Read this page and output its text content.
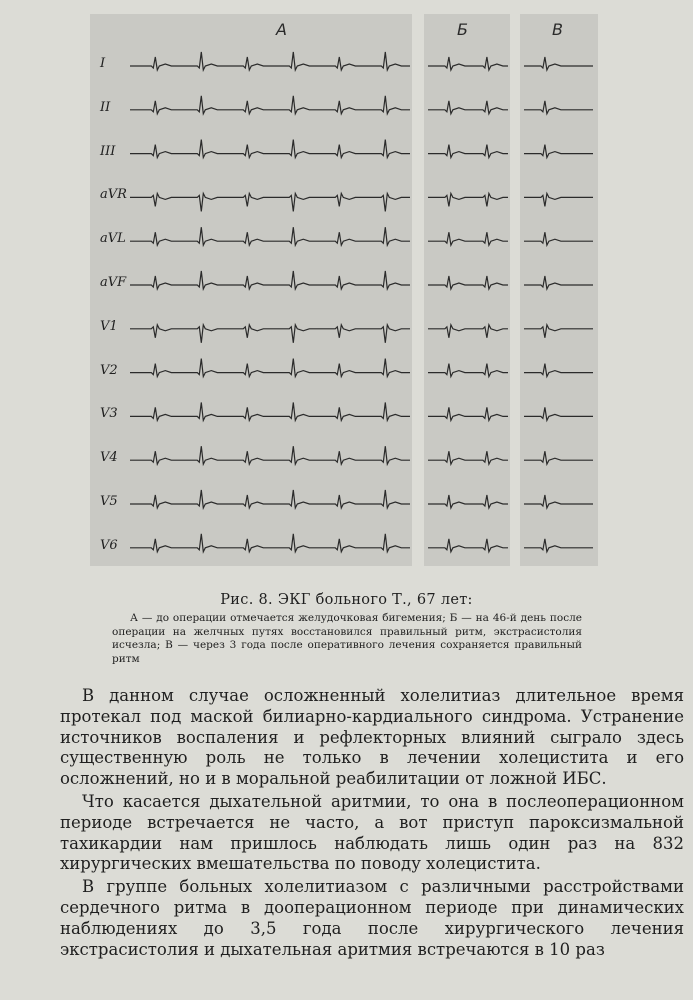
А	Б	В
I
II
III
aVR
aVL
aVF
V1
V2
V3
V4
V5
V6
Рис. 8. ЭКГ больного Т., 67 лет:
А — до операции отмечается желудочковая бигемения; Б — на 46-й день после операции на желчных путях восстановился правильный ритм, экстрасистолия исчезла; В — через 3 года после оперативного лечения сохраняется правильный ритм

В данном случае осложненный холелитиаз длительное время протекал под маской билиарно-кардиального синдрома. Устранение источников воспаления и рефлекторных влияний сыграло здесь существенную роль не только в лечении холецистита и его осложнений, но и в моральной реабилитации от ложной ИБС.

Что касается дыхательной аритмии, то она в послеоперационном периоде встречается не часто, а вот приступ пароксизмальной тахикардии нам пришлось наблюдать лишь один раз на 832 хирургических вмешательства по поводу холецистита.

В группе больных холелитиазом с различными расстройствами сердечного ритма в дооперационном периоде при динамических наблюдениях до 3,5 года после хирургического лечения экстрасистолия и дыхательная аритмия встречаются в 10 раз
